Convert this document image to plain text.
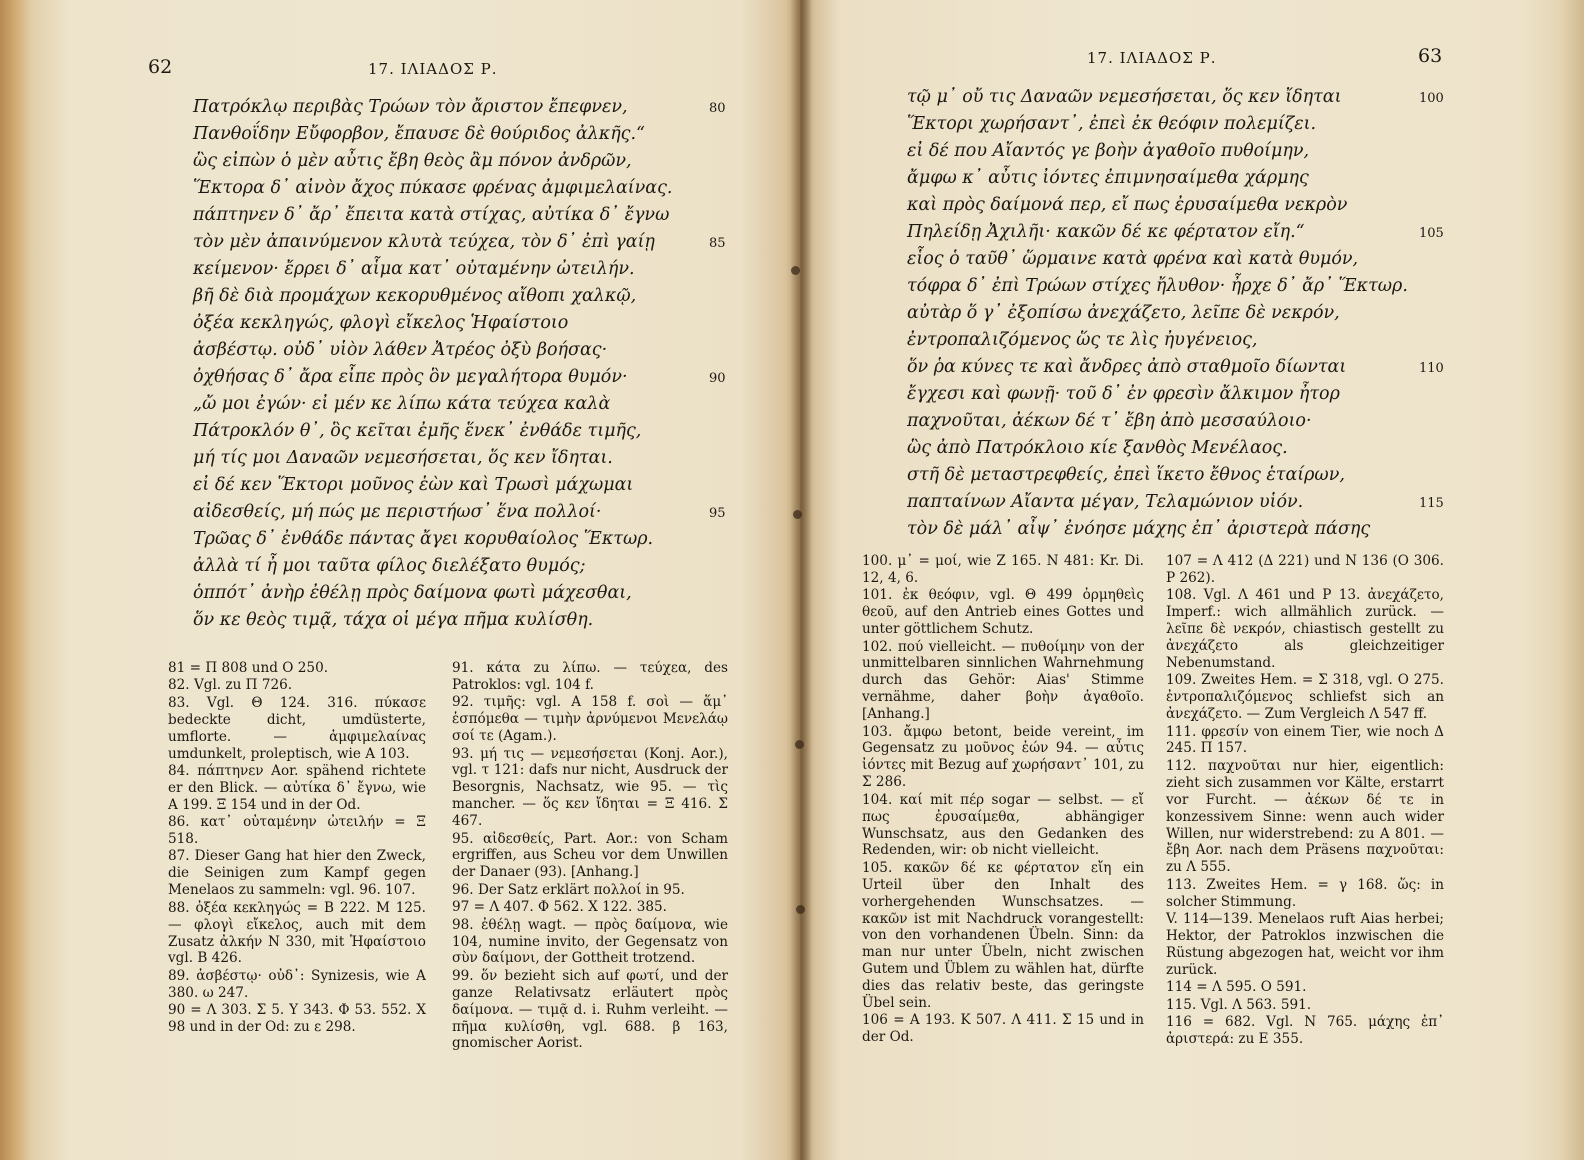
62	17. ΙΛΙΑΔΟΣ Ρ.
Πατρόκλῳ περιβὰς Τρώων τὸν ἄριστον ἔπεφνεν,	80
Πανθοΐδην Εὔφορβον, ἔπαυσε δὲ θούριδος ἀλκῆς.“
ὣς εἰπὼν ὁ μὲν αὖτις ἔβη θεὸς ἂμ πόνον ἀνδρῶν,
Ἕκτορα δ᾽ αἰνὸν ἄχος πύκασε φρένας ἀμφιμελαίνας.
πάπτηνεν δ᾽ ἄρ᾽ ἔπειτα κατὰ στίχας, αὐτίκα δ᾽ ἔγνω
τὸν μὲν ἀπαινύμενον κλυτὰ τεύχεα, τὸν δ᾽ ἐπὶ γαίῃ	85
κείμενον· ἔρρει δ᾽ αἷμα κατ᾽ οὐταμένην ὠτειλήν.
βῆ δὲ διὰ προμάχων κεκορυθμένος αἴθοπι χαλκῷ,
ὀξέα κεκληγώς, φλογὶ εἴκελος Ἡφαίστοιο
ἀσβέστῳ. οὐδ᾽ υἱὸν λάθεν Ἀτρέος ὀξὺ βοήσας·
ὀχθήσας δ᾽ ἄρα εἶπε πρὸς ὃν μεγαλήτορα θυμόν·	90
„ὤ μοι ἐγών· εἰ μέν κε λίπω κάτα τεύχεα καλὰ
Πάτροκλόν θ᾽, ὃς κεῖται ἐμῆς ἕνεκ᾽ ἐνθάδε τιμῆς,
μή τίς μοι Δαναῶν νεμεσήσεται, ὅς κεν ἴδηται.
εἰ δέ κεν Ἕκτορι μοῦνος ἐὼν καὶ Τρωσὶ μάχωμαι
αἰδεσθείς, μή πώς με περιστήωσ᾽ ἕνα πολλοί·	95
Τρῶας δ᾽ ἐνθάδε πάντας ἄγει κορυθαίολος Ἕκτωρ.
ἀλλὰ τί ἦ μοι ταῦτα φίλος διελέξατο θυμός;
ὁππότ᾽ ἀνὴρ ἐθέλῃ πρὸς δαίμονα φωτὶ μάχεσθαι,
ὅν κε θεὸς τιμᾷ, τάχα οἱ μέγα πῆμα κυλίσθη.
81 = Π 808 und Ο 250.
82. Vgl. zu Π 726.
83. Vgl. Θ 124. 316. πύκασε bedeckte dicht, umdüsterte, umflorte. — ἀμφιμελαίνας umdunkelt, proleptisch, wie Α 103.
84. πάπτηνεν Aor. spähend richtete er den Blick. — αὐτίκα δ᾽ ἔγνω, wie Α 199. Ξ 154 und in der Od.
86. κατ᾽ οὐταμένην ὠτειλήν = Ξ 518.
87. Dieser Gang hat hier den Zweck, die Seinigen zum Kampf gegen Menelaos zu sammeln: vgl. 96. 107.
88. ὀξέα κεκληγώς = Β 222. Μ 125. — φλογὶ εἴκελος, auch mit dem Zusatz ἀλκήν Ν 330, mit Ἡφαίστοιο vgl. Β 426.
89. ἀσβέστῳ· οὐδ᾽: Synizesis, wie Α 380. ω 247.
90 = Λ 303. Σ 5. Υ 343. Φ 53. 552. Χ 98 und in der Od: zu ε 298.
91. κάτα zu λίπω. — τεύχεα, des Patroklos: vgl. 104 f.
92. τιμῆς: vgl. Α 158 f. σοὶ — ἅμ᾽ ἑσπόμεθα — τιμὴν ἀρνύμενοι Μενελάῳ σοί τε (Agam.).
93. μή τις — νεμεσήσεται (Konj. Aor.), vgl. τ 121: dafs nur nicht, Ausdruck der Besorgnis, Nachsatz, wie 95. — τὶς mancher. — ὅς κεν ἴδηται = Ξ 416. Σ 467.
95. αἰδεσθείς, Part. Aor.: von Scham ergriffen, aus Scheu vor dem Unwillen der Danaer (93). [Anhang.]
96. Der Satz erklärt πολλοί in 95.
97 = Λ 407. Φ 562. Χ 122. 385.
98. ἐθέλῃ wagt. — πρὸς δαίμονα, wie 104, numine invito, der Gegensatz von σὺν δαίμονι, der Gottheit trotzend.
99. ὅν bezieht sich auf φωτί, und der ganze Relativsatz erläutert πρὸς δαίμονα. — τιμᾷ d. i. Ruhm verleiht. — πῆμα κυλίσθη, vgl. 688. β 163, gnomischer Aorist.
17. ΙΛΙΑΔΟΣ Ρ.	63
τῷ μ᾽ οὔ τις Δαναῶν νεμεσήσεται, ὅς κεν ἴδηται	100
Ἕκτορι χωρήσαντ᾽, ἐπεὶ ἐκ θεόφιν πολεμίζει.
εἰ δέ που Αἴαντός γε βοὴν ἀγαθοῖο πυθοίμην,
ἄμφω κ᾽ αὖτις ἰόντες ἐπιμνησαίμεθα χάρμης
καὶ πρὸς δαίμονά περ, εἴ πως ἐρυσαίμεθα νεκρὸν
Πηλείδῃ Ἀχιλῆι· κακῶν δέ κε φέρτατον εἴη.“	105
εἷος ὁ ταῦθ᾽ ὥρμαινε κατὰ φρένα καὶ κατὰ θυμόν,
τόφρα δ᾽ ἐπὶ Τρώων στίχες ἤλυθον· ἦρχε δ᾽ ἄρ᾽ Ἕκτωρ.
αὐτὰρ ὅ γ᾽ ἐξοπίσω ἀνεχάζετο, λεῖπε δὲ νεκρόν,
ἐντροπαλιζόμενος ὥς τε λὶς ἠυγένειος,
ὅν ῥα κύνες τε καὶ ἄνδρες ἀπὸ σταθμοῖο δίωνται	110
ἔγχεσι καὶ φωνῇ· τοῦ δ᾽ ἐν φρεσὶν ἄλκιμον ἦτορ
παχνοῦται, ἀέκων δέ τ᾽ ἔβη ἀπὸ μεσσαύλοιο·
ὣς ἀπὸ Πατρόκλοιο κίε ξανθὸς Μενέλαος.
στῆ δὲ μεταστρεφθείς, ἐπεὶ ἵκετο ἔθνος ἑταίρων,
παπταίνων Αἴαντα μέγαν, Τελαμώνιον υἱόν.	115
τὸν δὲ μάλ᾽ αἶψ᾽ ἐνόησε μάχης ἐπ᾽ ἀριστερὰ πάσης
100. μ᾽ = μοί, wie Ζ 165. Ν 481: Kr. Di. 12, 4, 6.
101. ἐκ θεόφιν, vgl. Θ 499 ὁρμηθεὶς θεοῦ, auf den Antrieb eines Gottes und unter göttlichem Schutz.
102. πού vielleicht. — πυθοίμην von der unmittelbaren sinnlichen Wahrnehmung durch das Gehör: Aias' Stimme vernähme, daher βοὴν ἀγαθοῖο. [Anhang.]
103. ἄμφω betont, beide vereint, im Gegensatz zu μοῦνος ἐών 94. — αὖτις ἰόντες mit Bezug auf χωρήσαντ᾽ 101, zu Σ 286.
104. καί mit πέρ sogar — selbst. — εἴ πως ἐρυσαίμεθα, abhängiger Wunschsatz, aus den Gedanken des Redenden, wir: ob nicht vielleicht.
105. κακῶν δέ κε φέρτατον εἴη ein Urteil über den Inhalt des vorhergehenden Wunschsatzes. — κακῶν ist mit Nachdruck vorangestellt: von den vorhandenen Übeln. Sinn: da man nur unter Übeln, nicht zwischen Gutem und Üblem zu wählen hat, dürfte dies das relativ beste, das geringste Übel sein.
106 = Α 193. Κ 507. Λ 411. Σ 15 und in der Od.
107 = Λ 412 (Δ 221) und Ν 136 (Ο 306. Ρ 262).
108. Vgl. Λ 461 und Ρ 13. ἀνεχάζετο, Imperf.: wich allmählich zurück. — λεῖπε δὲ νεκρόν, chiastisch gestellt zu ἀνεχάζετο als gleichzeitiger Nebenumstand.
109. Zweites Hem. = Σ 318, vgl. Ο 275. ἐντροπαλιζόμενος schliefst sich an ἀνεχάζετο. — Zum Vergleich Λ 547 ff.
111. φρεσίν von einem Tier, wie noch Δ 245. Π 157.
112. παχνοῦται nur hier, eigentlich: zieht sich zusammen vor Kälte, erstarrt vor Furcht. — ἀέκων δέ τε in konzessivem Sinne: wenn auch wider Willen, nur widerstrebend: zu Α 801. — ἔβη Aor. nach dem Präsens παχνοῦται: zu Λ 555.
113. Zweites Hem. = γ 168. ὥς: in solcher Stimmung.
V. 114—139. Menelaos ruft Aias herbei; Hektor, der Patroklos inzwischen die Rüstung abgezogen hat, weicht vor ihm zurück.
114 = Λ 595. Ο 591.
115. Vgl. Λ 563. 591.
116 = 682. Vgl. Ν 765. μάχης ἐπ᾽ ἀριστερά: zu Ε 355.
